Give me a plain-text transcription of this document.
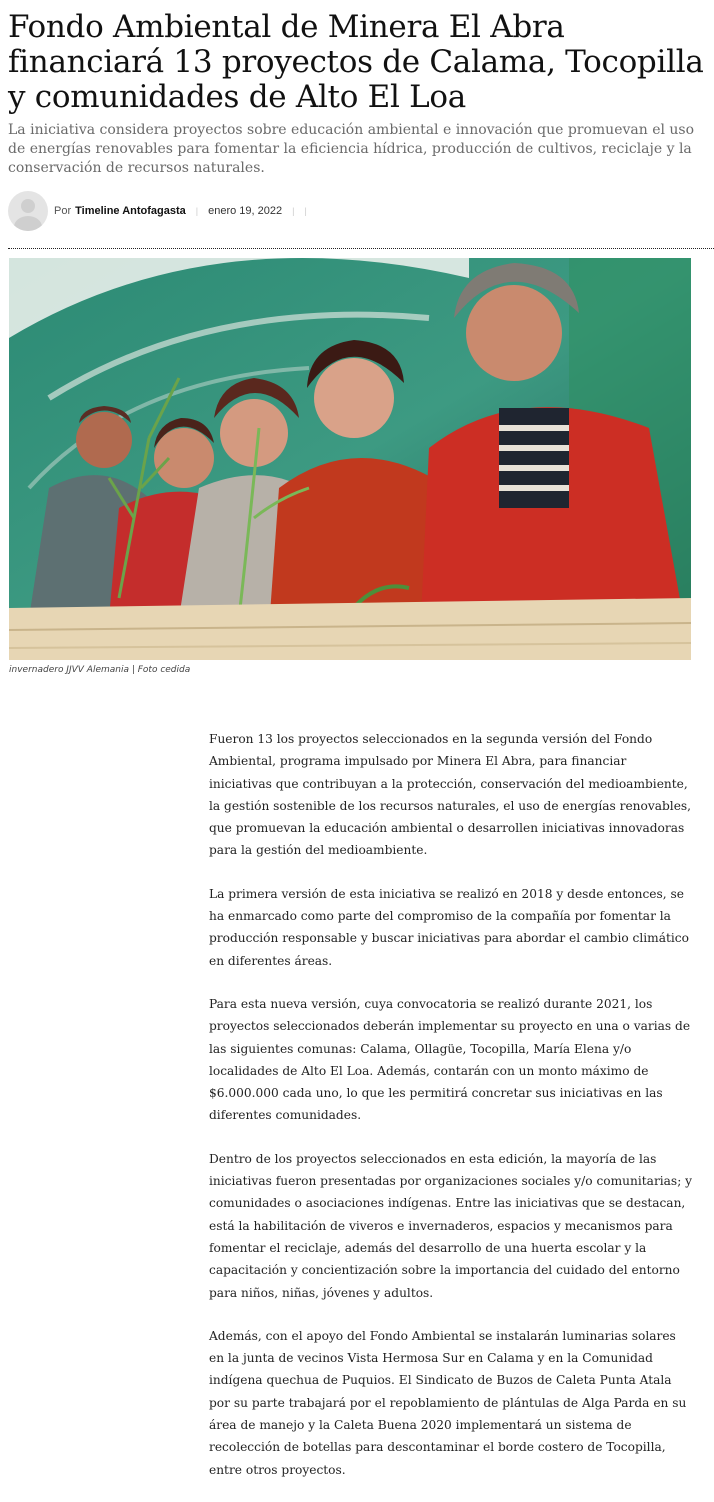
Fondo Ambiental de Minera El Abra financiará 13 proyectos de Calama, Tocopilla y comunidades de Alto El Loa

La iniciativa considera proyectos sobre educación ambiental e innovación que promuevan el uso de energías renovables para fomentar la eficiencia hídrica, producción de cultivos, reciclaje y la conservación de recursos naturales.

Por Timeline Antofagasta | enero 19, 2022 | |
invernadero JJVV Alemania | Foto cedida

Fueron 13 los proyectos seleccionados en la segunda versión del Fondo Ambiental, programa impulsado por Minera El Abra, para financiar iniciativas que contribuyan a la protección, conservación del medioambiente, la gestión sostenible de los recursos naturales, el uso de energías renovables, que promuevan la educación ambiental o desarrollen iniciativas innovadoras para la gestión del medioambiente.

La primera versión de esta iniciativa se realizó en 2018 y desde entonces, se ha enmarcado como parte del compromiso de la compañía por fomentar la producción responsable y buscar iniciativas para abordar el cambio climático en diferentes áreas.

Para esta nueva versión, cuya convocatoria se realizó durante 2021, los proyectos seleccionados deberán implementar su proyecto en una o varias de las siguientes comunas: Calama, Ollagüe, Tocopilla, María Elena y/o localidades de Alto El Loa. Además, contarán con un monto máximo de $6.000.000 cada uno, lo que les permitirá concretar sus iniciativas en las diferentes comunidades.

Dentro de los proyectos seleccionados en esta edición, la mayoría de las iniciativas fueron presentadas por organizaciones sociales y/o comunitarias; y comunidades o asociaciones indígenas. Entre las iniciativas que se destacan, está la habilitación de viveros e invernaderos, espacios y mecanismos para fomentar el reciclaje, además del desarrollo de una huerta escolar y la capacitación y concientización sobre la importancia del cuidado del entorno para niños, niñas, jóvenes y adultos.

Además, con el apoyo del Fondo Ambiental se instalarán luminarias solares en la junta de vecinos Vista Hermosa Sur en Calama y en la Comunidad indígena quechua de Puquios. El Sindicato de Buzos de Caleta Punta Atala por su parte trabajará por el repoblamiento de plántulas de Alga Parda en su área de manejo y la Caleta Buena 2020 implementará un sistema de recolección de botellas para descontaminar el borde costero de Tocopilla, entre otros proyectos.
